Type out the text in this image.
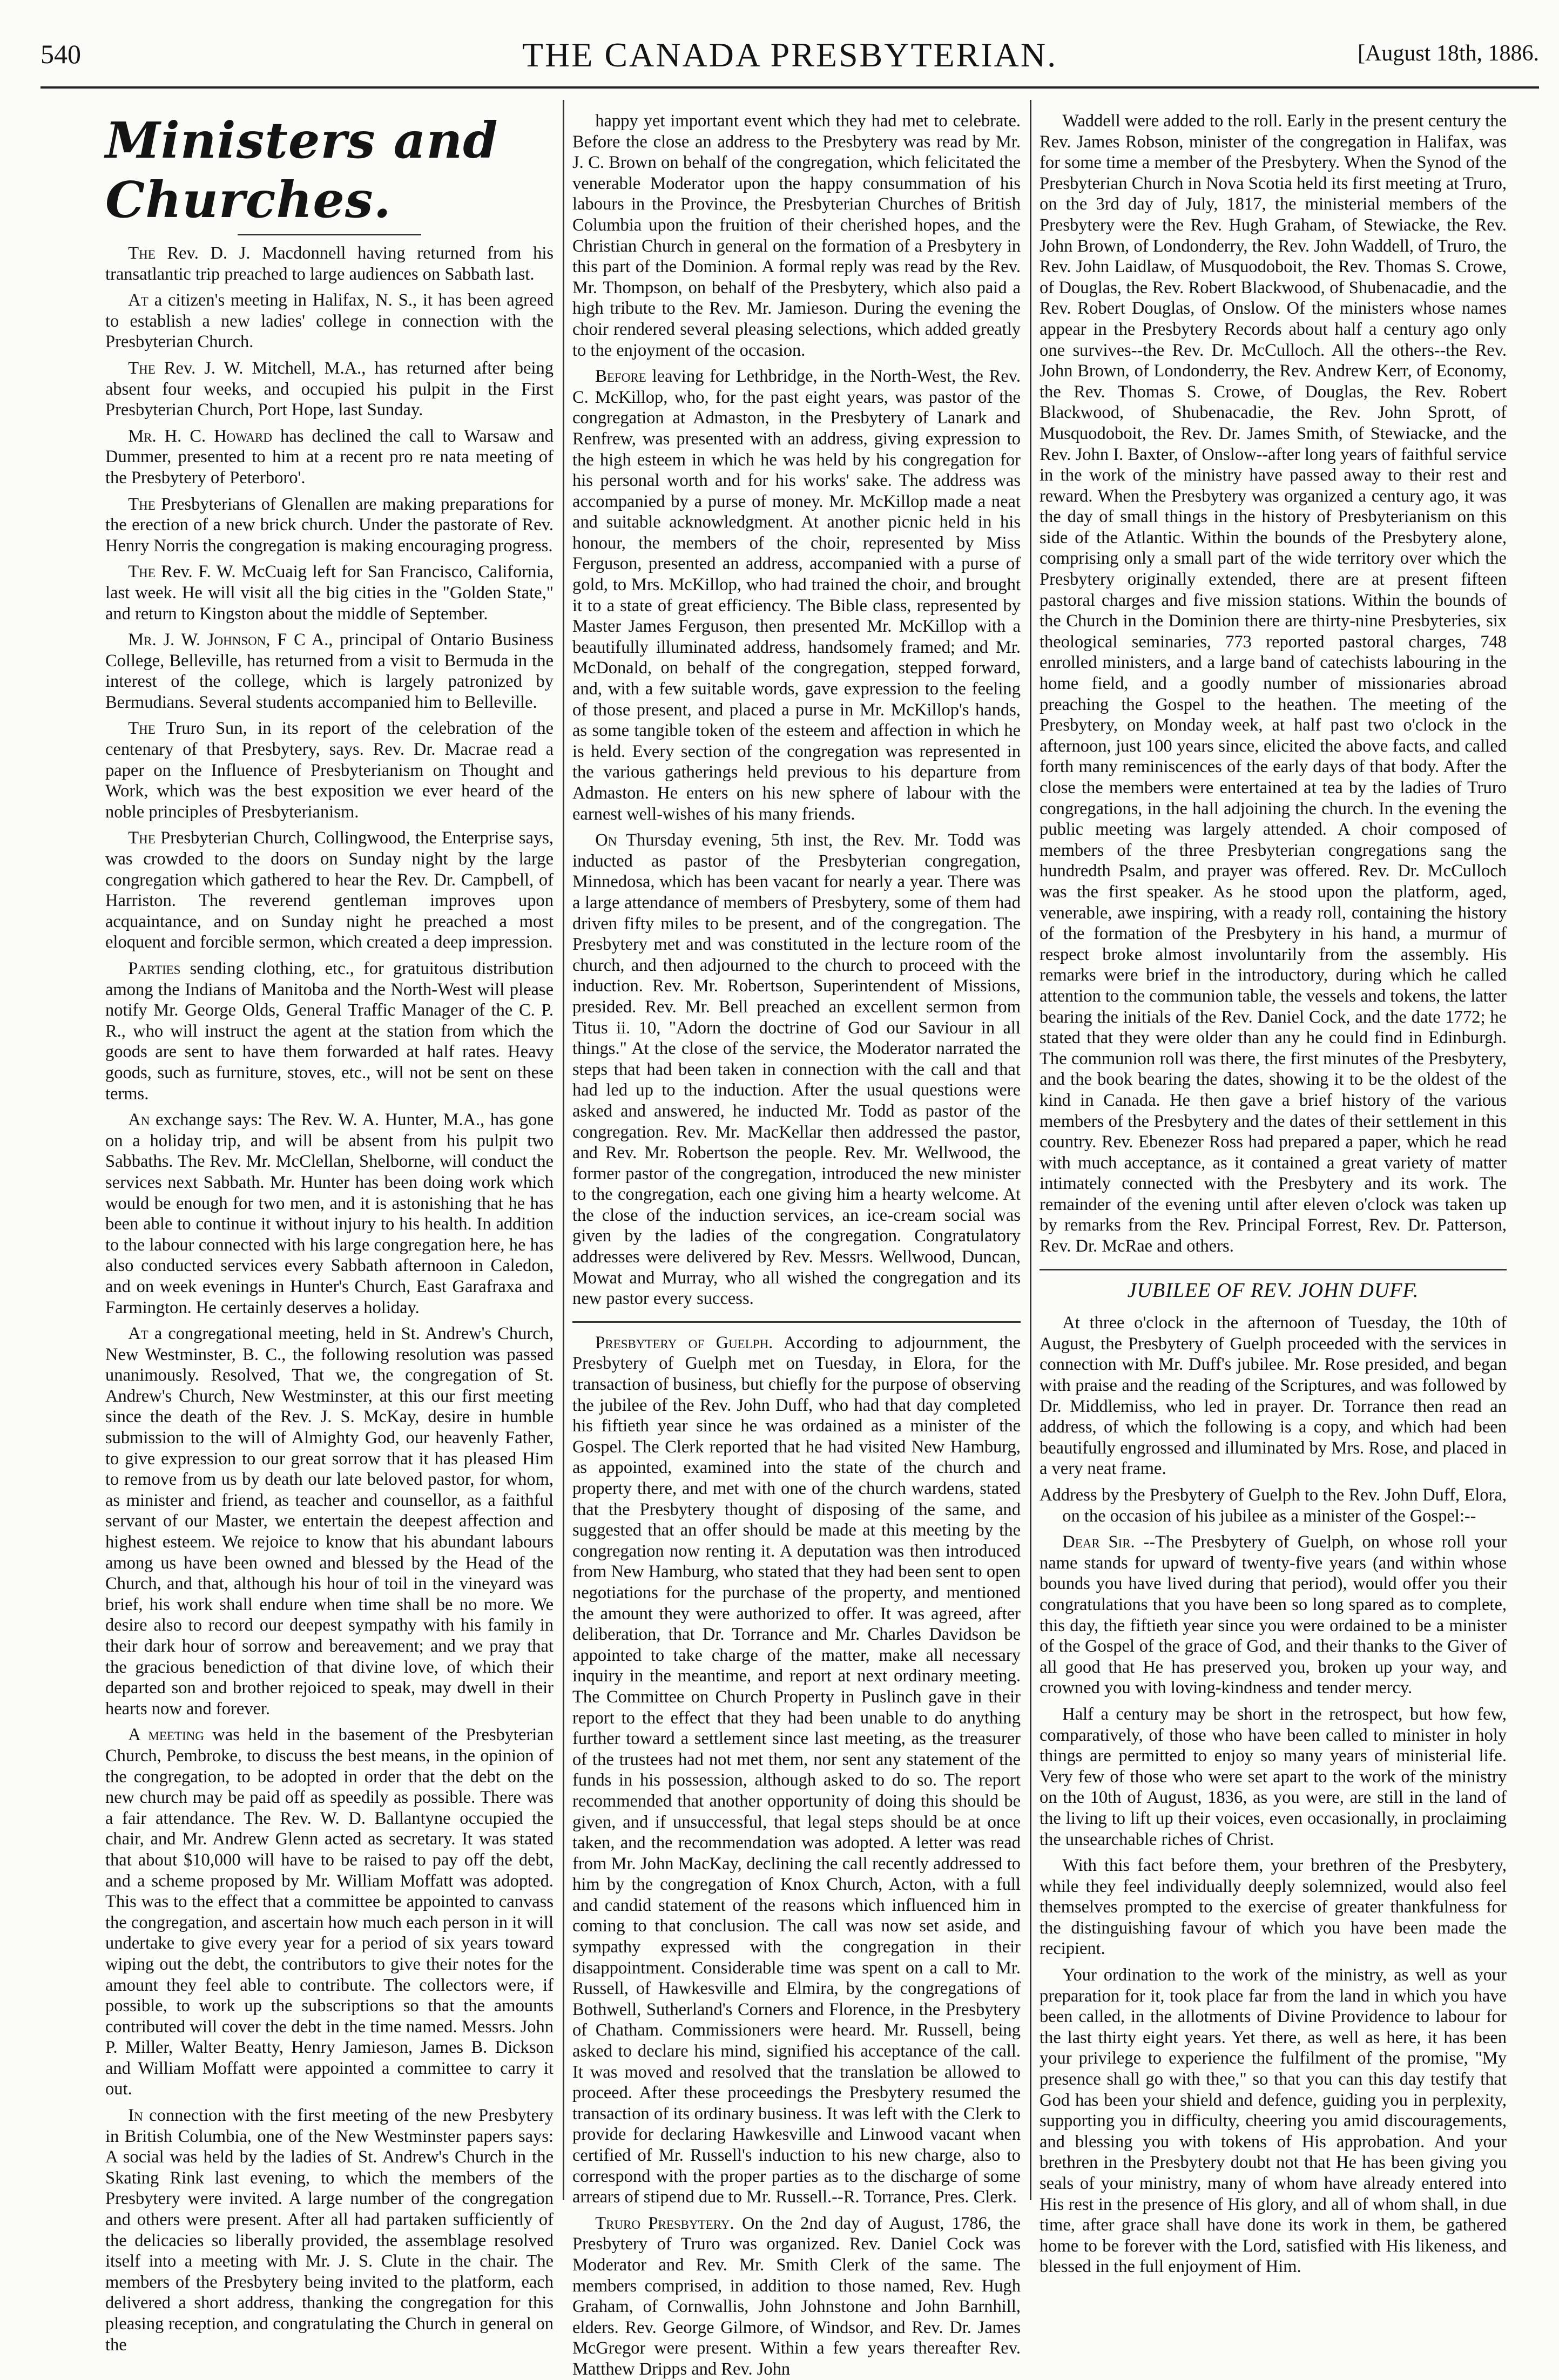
540	THE CANADA PRESBYTERIAN.	[August 18th, 1886.
Ministers and Churches.

The Rev. D. J. Macdonnell having returned from his transatlantic trip preached to large audiences on Sabbath last.

At a citizen's meeting in Halifax, N. S., it has been agreed to establish a new ladies' college in connection with the Presbyterian Church.

The Rev. J. W. Mitchell, M.A., has returned after being absent four weeks, and occupied his pulpit in the First Presbyterian Church, Port Hope, last Sunday.

Mr. H. C. Howard has declined the call to Warsaw and Dummer, presented to him at a recent pro re nata meeting of the Presbytery of Peterboro'.

The Presbyterians of Glenallen are making preparations for the erection of a new brick church. Under the pastorate of Rev. Henry Norris the congregation is making encouraging progress.

The Rev. F. W. McCuaig left for San Francisco, California, last week. He will visit all the big cities in the "Golden State," and return to Kingston about the middle of September.

Mr. J. W. Johnson, F C A., principal of Ontario Business College, Belleville, has returned from a visit to Bermuda in the interest of the college, which is largely patronized by Bermudians. Several students accompanied him to Belleville.

The Truro Sun, in its report of the celebration of the centenary of that Presbytery, says. Rev. Dr. Macrae read a paper on the Influence of Presbyterianism on Thought and Work, which was the best exposition we ever heard of the noble principles of Presbyterianism.

The Presbyterian Church, Collingwood, the Enterprise says, was crowded to the doors on Sunday night by the large congregation which gathered to hear the Rev. Dr. Campbell, of Harriston. The reverend gentleman improves upon acquaintance, and on Sunday night he preached a most eloquent and forcible sermon, which created a deep impression.

Parties sending clothing, etc., for gratuitous distribution among the Indians of Manitoba and the North-West will please notify Mr. George Olds, General Traffic Manager of the C. P. R., who will instruct the agent at the station from which the goods are sent to have them forwarded at half rates. Heavy goods, such as furniture, stoves, etc., will not be sent on these terms.

An exchange says: The Rev. W. A. Hunter, M.A., has gone on a holiday trip, and will be absent from his pulpit two Sabbaths. The Rev. Mr. McClellan, Shelborne, will conduct the services next Sabbath. Mr. Hunter has been doing work which would be enough for two men, and it is astonishing that he has been able to continue it without injury to his health. In addition to the labour connected with his large congregation here, he has also conducted services every Sabbath afternoon in Caledon, and on week evenings in Hunter's Church, East Garafraxa and Farmington. He certainly deserves a holiday.

At a congregational meeting, held in St. Andrew's Church, New Westminster, B. C., the following resolution was passed unanimously. Resolved, That we, the congregation of St. Andrew's Church, New Westminster, at this our first meeting since the death of the Rev. J. S. McKay, desire in humble submission to the will of Almighty God, our heavenly Father, to give expression to our great sorrow that it has pleased Him to remove from us by death our late beloved pastor, for whom, as minister and friend, as teacher and counsellor, as a faithful servant of our Master, we entertain the deepest affection and highest esteem. We rejoice to know that his abundant labours among us have been owned and blessed by the Head of the Church, and that, although his hour of toil in the vineyard was brief, his work shall endure when time shall be no more. We desire also to record our deepest sympathy with his family in their dark hour of sorrow and bereavement; and we pray that the gracious benediction of that divine love, of which their departed son and brother rejoiced to speak, may dwell in their hearts now and forever.

A meeting was held in the basement of the Presbyterian Church, Pembroke, to discuss the best means, in the opinion of the congregation, to be adopted in order that the debt on the new church may be paid off as speedily as possible. There was a fair attendance. The Rev. W. D. Ballantyne occupied the chair, and Mr. Andrew Glenn acted as secretary. It was stated that about $10,000 will have to be raised to pay off the debt, and a scheme proposed by Mr. William Moffatt was adopted. This was to the effect that a committee be appointed to canvass the congregation, and ascertain how much each person in it will undertake to give every year for a period of six years toward wiping out the debt, the contributors to give their notes for the amount they feel able to contribute. The collectors were, if possible, to work up the subscriptions so that the amounts contributed will cover the debt in the time named. Messrs. John P. Miller, Walter Beatty, Henry Jamieson, James B. Dickson and William Moffatt were appointed a committee to carry it out.

In connection with the first meeting of the new Presbytery in British Columbia, one of the New Westminster papers says: A social was held by the ladies of St. Andrew's Church in the Skating Rink last evening, to which the members of the Presbytery were invited. A large number of the congregation and others were present. After all had partaken sufficiently of the delicacies so liberally provided, the assemblage resolved itself into a meeting with Mr. J. S. Clute in the chair. The members of the Presbytery being invited to the platform, each delivered a short address, thanking the congregation for this pleasing reception, and congratulating the Church in general on the

happy yet important event which they had met to celebrate. Before the close an address to the Presbytery was read by Mr. J. C. Brown on behalf of the congregation, which felicitated the venerable Moderator upon the happy consummation of his labours in the Province, the Presbyterian Churches of British Columbia upon the fruition of their cherished hopes, and the Christian Church in general on the formation of a Presbytery in this part of the Dominion. A formal reply was read by the Rev. Mr. Thompson, on behalf of the Presbytery, which also paid a high tribute to the Rev. Mr. Jamieson. During the evening the choir rendered several pleasing selections, which added greatly to the enjoyment of the occasion.

Before leaving for Lethbridge, in the North-West, the Rev. C. McKillop, who, for the past eight years, was pastor of the congregation at Admaston, in the Presbytery of Lanark and Renfrew, was presented with an address, giving expression to the high esteem in which he was held by his congregation for his personal worth and for his works' sake. The address was accompanied by a purse of money. Mr. McKillop made a neat and suitable acknowledgment. At another picnic held in his honour, the members of the choir, represented by Miss Ferguson, presented an address, accompanied with a purse of gold, to Mrs. McKillop, who had trained the choir, and brought it to a state of great efficiency. The Bible class, represented by Master James Ferguson, then presented Mr. McKillop with a beautifully illuminated address, handsomely framed; and Mr. McDonald, on behalf of the congregation, stepped forward, and, with a few suitable words, gave expression to the feeling of those present, and placed a purse in Mr. McKillop's hands, as some tangible token of the esteem and affection in which he is held. Every section of the congregation was represented in the various gatherings held previous to his departure from Admaston. He enters on his new sphere of labour with the earnest well-wishes of his many friends.

On Thursday evening, 5th inst, the Rev. Mr. Todd was inducted as pastor of the Presbyterian congregation, Minnedosa, which has been vacant for nearly a year. There was a large attendance of members of Presbytery, some of them had driven fifty miles to be present, and of the congregation. The Presbytery met and was constituted in the lecture room of the church, and then adjourned to the church to proceed with the induction. Rev. Mr. Robertson, Superintendent of Missions, presided. Rev. Mr. Bell preached an excellent sermon from Titus ii. 10, "Adorn the doctrine of God our Saviour in all things." At the close of the service, the Moderator narrated the steps that had been taken in connection with the call and that had led up to the induction. After the usual questions were asked and answered, he inducted Mr. Todd as pastor of the congregation. Rev. Mr. MacKellar then addressed the pastor, and Rev. Mr. Robertson the people. Rev. Mr. Wellwood, the former pastor of the congregation, introduced the new minister to the congregation, each one giving him a hearty welcome. At the close of the induction services, an ice-cream social was given by the ladies of the congregation. Congratulatory addresses were delivered by Rev. Messrs. Wellwood, Duncan, Mowat and Murray, who all wished the congregation and its new pastor every success.

Presbytery of Guelph. According to adjournment, the Presbytery of Guelph met on Tuesday, in Elora, for the transaction of business, but chiefly for the purpose of observing the jubilee of the Rev. John Duff, who had that day completed his fiftieth year since he was ordained as a minister of the Gospel. The Clerk reported that he had visited New Hamburg, as appointed, examined into the state of the church and property there, and met with one of the church wardens, stated that the Presbytery thought of disposing of the same, and suggested that an offer should be made at this meeting by the congregation now renting it. A deputation was then introduced from New Hamburg, who stated that they had been sent to open negotiations for the purchase of the property, and mentioned the amount they were authorized to offer. It was agreed, after deliberation, that Dr. Torrance and Mr. Charles Davidson be appointed to take charge of the matter, make all necessary inquiry in the meantime, and report at next ordinary meeting. The Committee on Church Property in Puslinch gave in their report to the effect that they had been unable to do anything further toward a settlement since last meeting, as the treasurer of the trustees had not met them, nor sent any statement of the funds in his possession, although asked to do so. The report recommended that another opportunity of doing this should be given, and if unsuccessful, that legal steps should be at once taken, and the recommendation was adopted. A letter was read from Mr. John MacKay, declining the call recently addressed to him by the congregation of Knox Church, Acton, with a full and candid statement of the reasons which influenced him in coming to that conclusion. The call was now set aside, and sympathy expressed with the congregation in their disappointment. Considerable time was spent on a call to Mr. Russell, of Hawkesville and Elmira, by the congregations of Bothwell, Sutherland's Corners and Florence, in the Presbytery of Chatham. Commissioners were heard. Mr. Russell, being asked to declare his mind, signified his acceptance of the call. It was moved and resolved that the translation be allowed to proceed. After these proceedings the Presbytery resumed the transaction of its ordinary business. It was left with the Clerk to provide for declaring Hawkesville and Linwood vacant when certified of Mr. Russell's induction to his new charge, also to correspond with the proper parties as to the discharge of some arrears of stipend due to Mr. Russell.--R. Torrance, Pres. Clerk.

Truro Presbytery. On the 2nd day of August, 1786, the Presbytery of Truro was organized. Rev. Daniel Cock was Moderator and Rev. Mr. Smith Clerk of the same. The members comprised, in addition to those named, Rev. Hugh Graham, of Cornwallis, John Johnstone and John Barnhill, elders. Rev. George Gilmore, of Windsor, and Rev. Dr. James McGregor were present. Within a few years thereafter Rev. Matthew Dripps and Rev. John

Waddell were added to the roll. Early in the present century the Rev. James Robson, minister of the congregation in Halifax, was for some time a member of the Presbytery. When the Synod of the Presbyterian Church in Nova Scotia held its first meeting at Truro, on the 3rd day of July, 1817, the ministerial members of the Presbytery were the Rev. Hugh Graham, of Stewiacke, the Rev. John Brown, of Londonderry, the Rev. John Waddell, of Truro, the Rev. John Laidlaw, of Musquodoboit, the Rev. Thomas S. Crowe, of Douglas, the Rev. Robert Blackwood, of Shubenacadie, and the Rev. Robert Douglas, of Onslow. Of the ministers whose names appear in the Presbytery Records about half a century ago only one survives--the Rev. Dr. McCulloch. All the others--the Rev. John Brown, of Londonderry, the Rev. Andrew Kerr, of Economy, the Rev. Thomas S. Crowe, of Douglas, the Rev. Robert Blackwood, of Shubenacadie, the Rev. John Sprott, of Musquodoboit, the Rev. Dr. James Smith, of Stewiacke, and the Rev. John I. Baxter, of Onslow--after long years of faithful service in the work of the ministry have passed away to their rest and reward. When the Presbytery was organized a century ago, it was the day of small things in the history of Presbyterianism on this side of the Atlantic. Within the bounds of the Presbytery alone, comprising only a small part of the wide territory over which the Presbytery originally extended, there are at present fifteen pastoral charges and five mission stations. Within the bounds of the Church in the Dominion there are thirty-nine Presbyteries, six theological seminaries, 773 reported pastoral charges, 748 enrolled ministers, and a large band of catechists labouring in the home field, and a goodly number of missionaries abroad preaching the Gospel to the heathen. The meeting of the Presbytery, on Monday week, at half past two o'clock in the afternoon, just 100 years since, elicited the above facts, and called forth many reminiscences of the early days of that body. After the close the members were entertained at tea by the ladies of Truro congregations, in the hall adjoining the church. In the evening the public meeting was largely attended. A choir composed of members of the three Presbyterian congregations sang the hundredth Psalm, and prayer was offered. Rev. Dr. McCulloch was the first speaker. As he stood upon the platform, aged, venerable, awe inspiring, with a ready roll, containing the history of the formation of the Presbytery in his hand, a murmur of respect broke almost involuntarily from the assembly. His remarks were brief in the introductory, during which he called attention to the communion table, the vessels and tokens, the latter bearing the initials of the Rev. Daniel Cock, and the date 1772; he stated that they were older than any he could find in Edinburgh. The communion roll was there, the first minutes of the Presbytery, and the book bearing the dates, showing it to be the oldest of the kind in Canada. He then gave a brief history of the various members of the Presbytery and the dates of their settlement in this country. Rev. Ebenezer Ross had prepared a paper, which he read with much acceptance, as it contained a great variety of matter intimately connected with the Presbytery and its work. The remainder of the evening until after eleven o'clock was taken up by remarks from the Rev. Principal Forrest, Rev. Dr. Patterson, Rev. Dr. McRae and others.

JUBILEE OF REV. JOHN DUFF.

At three o'clock in the afternoon of Tuesday, the 10th of August, the Presbytery of Guelph proceeded with the services in connection with Mr. Duff's jubilee. Mr. Rose presided, and began with praise and the reading of the Scriptures, and was followed by Dr. Middlemiss, who led in prayer. Dr. Torrance then read an address, of which the following is a copy, and which had been beautifully engrossed and illuminated by Mrs. Rose, and placed in a very neat frame.

Address by the Presbytery of Guelph to the Rev. John Duff, Elora, on the occasion of his jubilee as a minister of the Gospel:--

Dear Sir. --The Presbytery of Guelph, on whose roll your name stands for upward of twenty-five years (and within whose bounds you have lived during that period), would offer you their congratulations that you have been so long spared as to complete, this day, the fiftieth year since you were ordained to be a minister of the Gospel of the grace of God, and their thanks to the Giver of all good that He has preserved you, broken up your way, and crowned you with loving-kindness and tender mercy.

Half a century may be short in the retrospect, but how few, comparatively, of those who have been called to minister in holy things are permitted to enjoy so many years of ministerial life. Very few of those who were set apart to the work of the ministry on the 10th of August, 1836, as you were, are still in the land of the living to lift up their voices, even occasionally, in proclaiming the unsearchable riches of Christ.

With this fact before them, your brethren of the Presbytery, while they feel individually deeply solemnized, would also feel themselves prompted to the exercise of greater thankfulness for the distinguishing favour of which you have been made the recipient.

Your ordination to the work of the ministry, as well as your preparation for it, took place far from the land in which you have been called, in the allotments of Divine Providence to labour for the last thirty eight years. Yet there, as well as here, it has been your privilege to experience the fulfilment of the promise, "My presence shall go with thee," so that you can this day testify that God has been your shield and defence, guiding you in perplexity, supporting you in difficulty, cheering you amid discouragements, and blessing you with tokens of His approbation. And your brethren in the Presbytery doubt not that He has been giving you seals of your ministry, many of whom have already entered into His rest in the presence of His glory, and all of whom shall, in due time, after grace shall have done its work in them, be gathered home to be forever with the Lord, satisfied with His likeness, and blessed in the full enjoyment of Him.
